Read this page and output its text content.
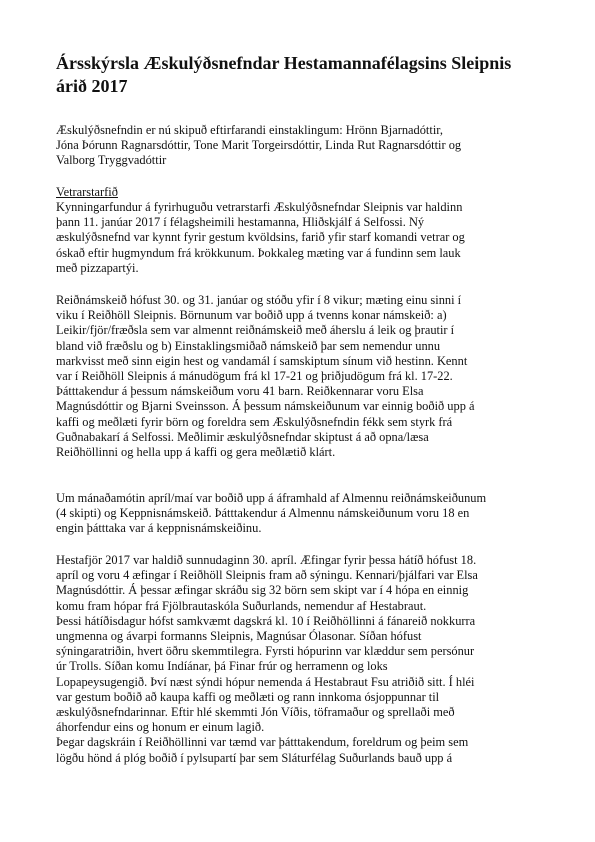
Ársskýrsla Æskulýðsnefndar Hestamannafélagsins Sleipnis
árið 2017

Æskulýðsnefndin er nú skipuð eftirfarandi einstaklingum: Hrönn Bjarnadóttir,
Jóna Þórunn Ragnarsdóttir, Tone Marit Torgeirsdóttir, Linda Rut Ragnarsdóttir og
Valborg Tryggvadóttir

Vetrarstarfið

Kynningarfundur á fyrirhuguðu vetrarstarfi Æskulýðsnefndar Sleipnis var haldinn
þann 11. janúar 2017 í félagsheimili hestamanna, Hliðskjálf á Selfossi. Ný
æskulýðsnefnd var kynnt fyrir gestum kvöldsins, farið yfir starf komandi vetrar og
óskað eftir hugmyndum frá krökkunum. Þokkaleg mæting var á fundinn sem lauk
með pizzapartýi.

Reiðnámskeið hófust 30. og 31. janúar og stóðu yfir í 8 vikur; mæting einu sinni í
viku í Reiðhöll Sleipnis. Börnunum var boðið upp á tvenns konar námskeið: a)
Leikir/fjör/fræðsla sem var almennt reiðnámskeið með áherslu á leik og þrautir í
bland við fræðslu og b) Einstaklingsmiðað námskeið þar sem nemendur unnu
markvisst með sinn eigin hest og vandamál í samskiptum sínum við hestinn. Kennt
var í Reiðhöll Sleipnis á mánudögum frá kl 17-21 og þriðjudögum frá kl. 17-22.
Þátttakendur á þessum námskeiðum voru 41 barn. Reiðkennarar voru Elsa
Magnúsdóttir og Bjarni Sveinsson. Á þessum námskeiðunum var einnig boðið upp á
kaffi og meðlæti fyrir börn og foreldra sem Æskulýðsnefndin fékk sem styrk frá
Guðnabakarí á Selfossi. Meðlimir æskulýðsnefndar skiptust á að opna/læsa
Reiðhöllinni og hella upp á kaffi og gera meðlætið klárt.

Um mánaðamótin apríl/maí var boðið upp á áframhald af Almennu reiðnámskeiðunum
(4 skipti) og Keppnisnámskeið. Þátttakendur á Almennu námskeiðunum voru 18 en
engin þátttaka var á keppnisnámskeiðinu.

Hestafjör 2017 var haldið sunnudaginn 30. apríl. Æfingar fyrir þessa hátíð hófust 18.
apríl og voru 4 æfingar í Reiðhöll Sleipnis fram að sýningu. Kennari/þjálfari var Elsa
Magnúsdóttir. Á þessar æfingar skráðu sig 32 börn sem skipt var í 4 hópa en einnig
komu fram hópar frá Fjölbrautaskóla Suðurlands, nemendur af Hestabraut.
Þessi hátíðisdagur hófst samkvæmt dagskrá kl. 10 í Reiðhöllinni á fánareið nokkurra
ungmenna og ávarpi formanns Sleipnis, Magnúsar Ólasonar. Síðan hófust
sýningaratriðin, hvert öðru skemmtilegra. Fyrsti hópurinn var klæddur sem persónur
úr Trolls. Síðan komu Indíánar, þá Finar frúr og herramenn og loks
Lopapeysugengið. Því næst sýndi hópur nemenda á Hestabraut Fsu atriðið sitt. Í hléi
var gestum boðið að kaupa kaffi og meðlæti og rann innkoma ósjoppunnar til
æskulýðsnefndarinnar. Eftir hlé skemmti Jón Víðis, töframaður og sprellaði með
áhorfendur eins og honum er einum lagið.
Þegar dagskráin í Reiðhöllinni var tæmd var þátttakendum, foreldrum og þeim sem
lögðu hönd á plóg boðið í pylsupartí þar sem Sláturfélag Suðurlands bauð upp á
